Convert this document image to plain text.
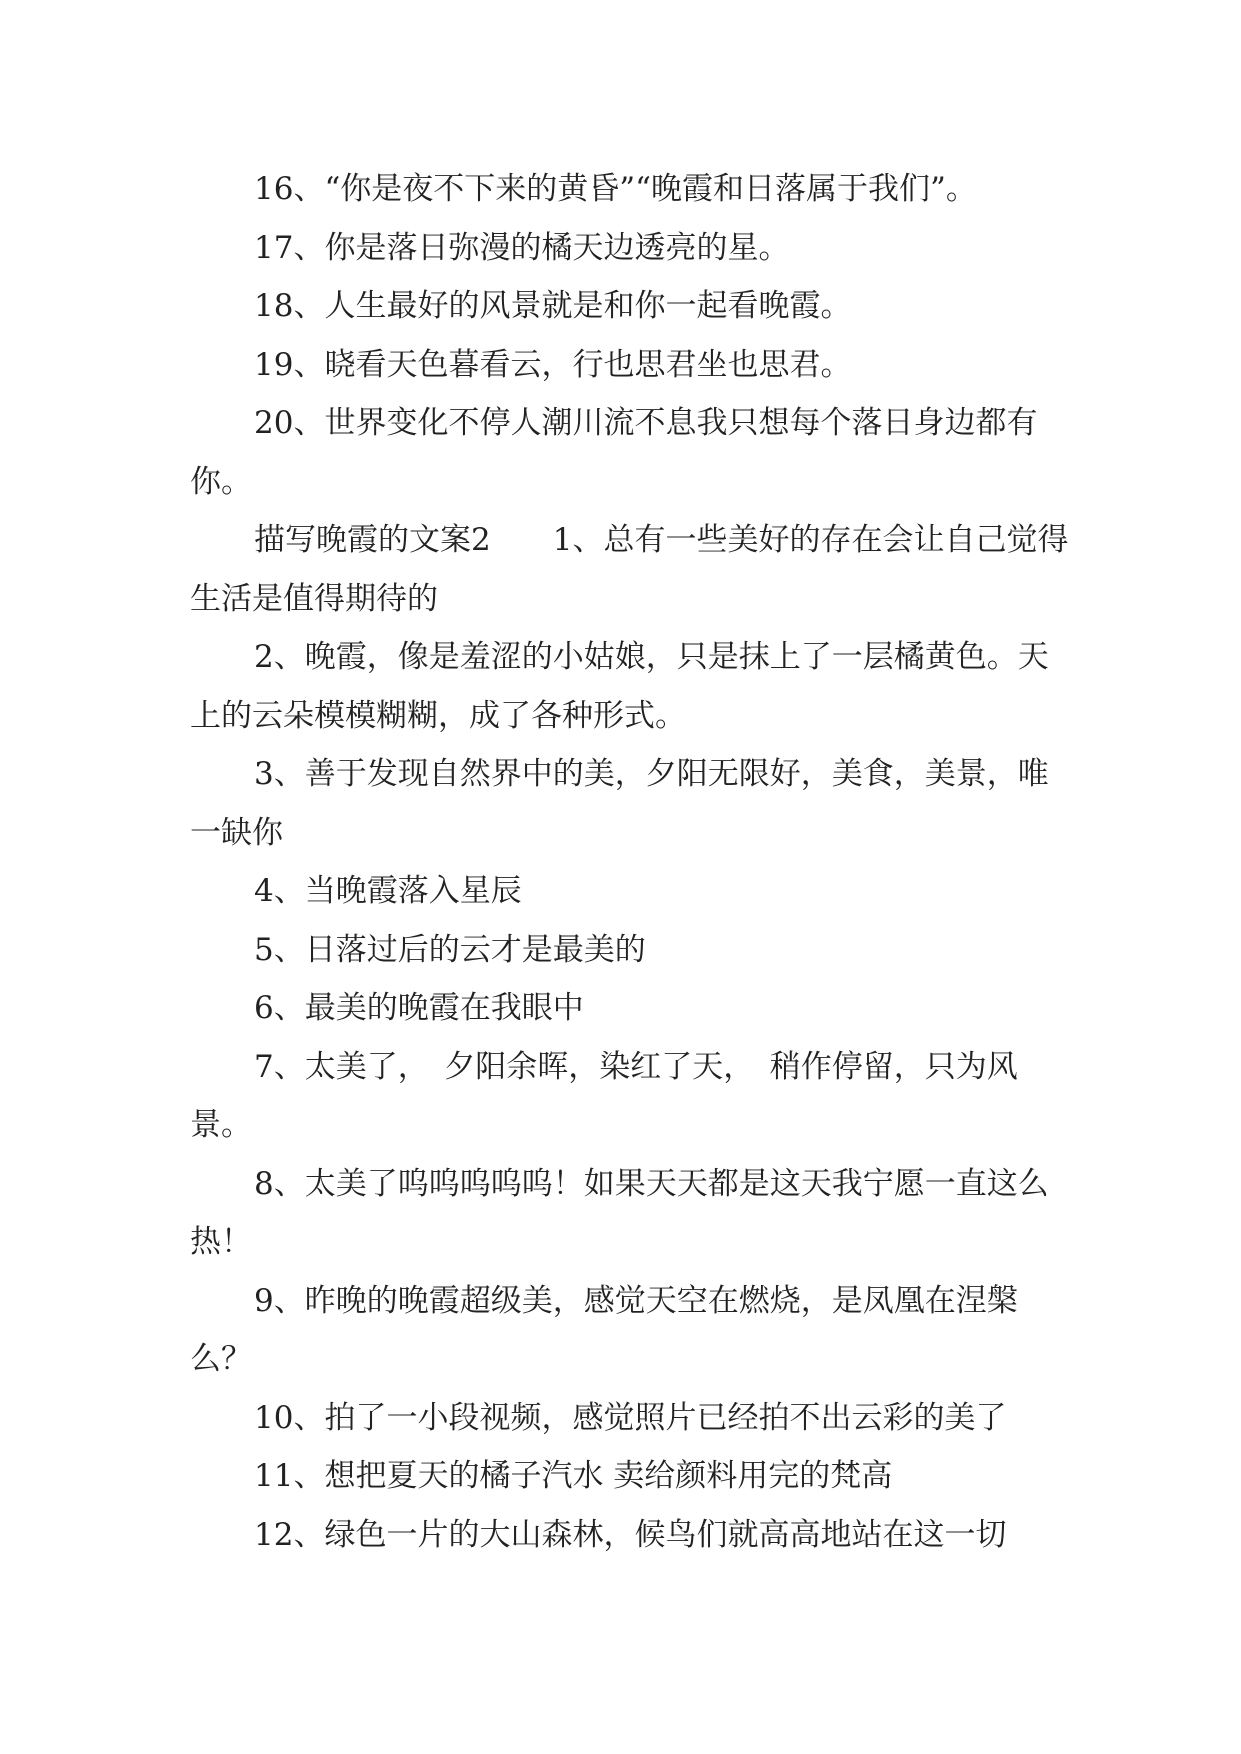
16、“你是夜不下来的黄昏”“晚霞和日落属于我们”。

17、你是落日弥漫的橘天边透亮的星。

18、人生最好的风景就是和你一起看晚霞。

19、晓看天色暮看云，行也思君坐也思君。

20、世界变化不停人潮川流不息我只想每个落日身边都有你。

描写晚霞的文案2　　1、总有一些美好的存在会让自己觉得生活是值得期待的

2、晚霞，像是羞涩的小姑娘，只是抹上了一层橘黄色。天上的云朵模模糊糊，成了各种形式。

3、善于发现自然界中的美，夕阳无限好，美食，美景，唯一缺你

4、当晚霞落入星辰

5、日落过后的云才是最美的

6、最美的晚霞在我眼中

7、太美了，　夕阳余晖，染红了天，　稍作停留，只为风景。

8、太美了呜呜呜呜呜！如果天天都是这天我宁愿一直这么热！

9、昨晚的晚霞超级美，感觉天空在燃烧，是凤凰在涅槃么？

10、拍了一小段视频，感觉照片已经拍不出云彩的美了

11、想把夏天的橘子汽水 卖给颜料用完的梵高

12、绿色一片的大山森林，候鸟们就高高地站在这一切
